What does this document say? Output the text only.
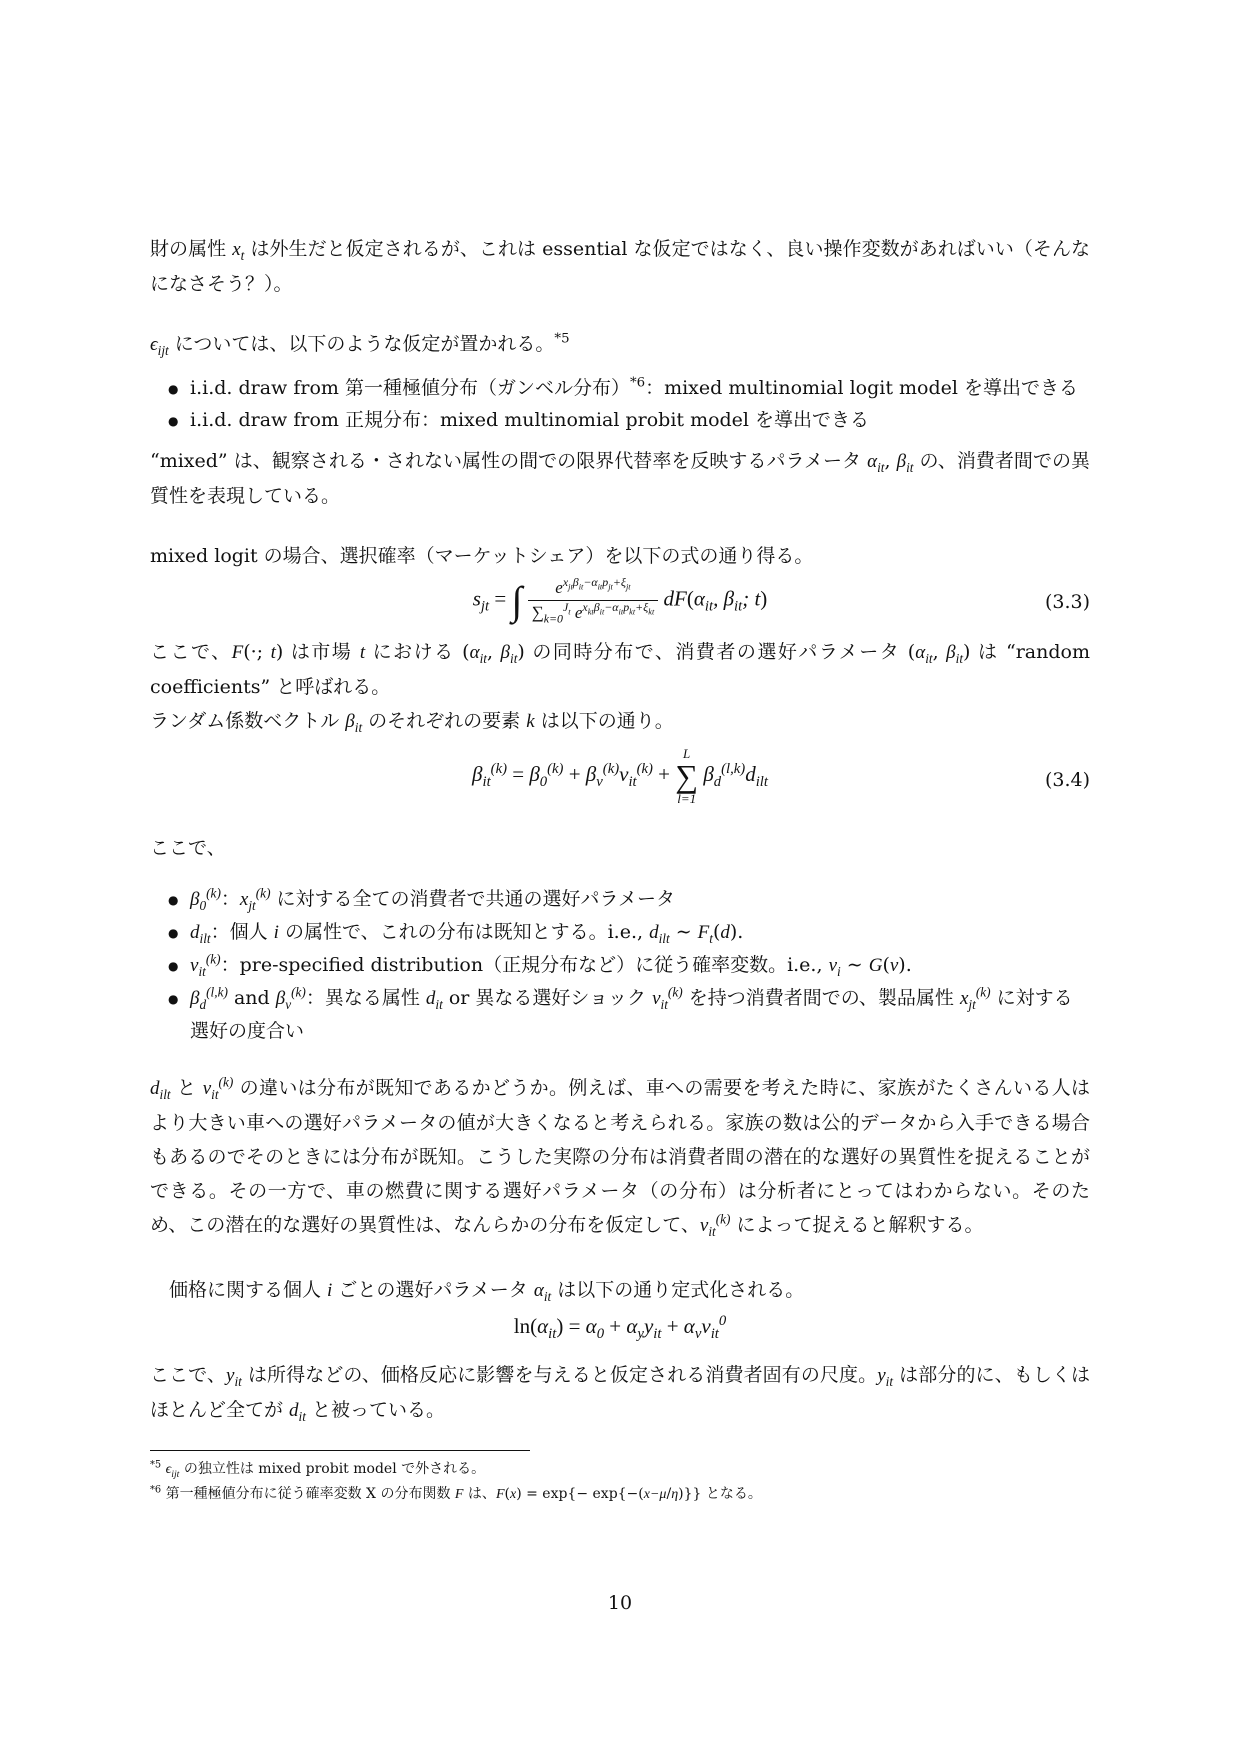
財の属性 $x_t$ は外生だと仮定されるが、これは essential な仮定ではなく、良い操作変数があればいい（そんなになさそう？）。

$\epsilon_{ijt}$ については、以下のような仮定が置かれる。$^{*5}$

● i.i.d. draw from 第一種極値分布（ガンベル分布）$^{*6}$：mixed multinomial logit model を導出できる
● i.i.d. draw from 正規分布：mixed multinomial probit model を導出できる

“mixed” は、観察される・されない属性の間での限界代替率を反映するパラメータ $\alpha_{it}$, $\beta_{it}$ の、消費者間での異質性を表現している。

mixed logit の場合、選択確率（マーケットシェア）を以下の式の通り得る。

$s_{jt}$ = ∫ $\frac{e^{x_{jt}\beta_{it}-\alpha_{it}p_{jt}+\xi_{jt}}}{\sum_{k=0}^{J_t} e^{x_{kt}\beta_{it}-\alpha_{it}p_{kt}+\xi_{kt}}} dF(\alpha_{it}$, $\beta_{it}$; t)	(3.3)

ここで、F(·; t) は市場 t における ($\alpha_{it}$, $\beta_{it}$) の同時分布で、消費者の選好パラメータ ($\alpha_{it}$, $\beta_{it}$) は “random coefficients” と呼ばれる。

ランダム係数ベクトル $\beta_{it}$ のそれぞれの要素 k は以下の通り。

$\beta_{it}^{(k)} = \beta_0^{(k)} + \beta_v^{(k)}v_{it}^{(k)}$ +
L
∑
l=1
$\beta_d^{(l,k)}d_{ilt}$	(3.4)

ここで、

● $\beta_0^{(k)}$：$x_{jt}^{(k)}$ に対する全ての消費者で共通の選好パラメータ
● $d_{ilt}$：個人 i の属性で、これの分布は既知とする。i.e., $d_{ilt}$ ∼ $F_t(d)$.
● $v_{it}^{(k)}$：pre-specified distribution（正規分布など）に従う確率変数。i.e., $v_i$ ∼ G(v).
● $\beta_d^{(l,k)}$ and $\beta_v^{(k)}$：異なる属性 $d_{it}$ or 異なる選好ショック $v_{it}^{(k)}$ を持つ消費者間での、製品属性 $x_{jt}^{(k)}$ に対する選好の度合い

$d_{ilt}$ と $v_{it}^{(k)}$ の違いは分布が既知であるかどうか。例えば、車への需要を考えた時に、家族がたくさんいる人はより大きい車への選好パラメータの値が大きくなると考えられる。家族の数は公的データから入手できる場合もあるのでそのときには分布が既知。こうした実際の分布は消費者間の潜在的な選好の異質性を捉えることができる。その一方で、車の燃費に関する選好パラメータ（の分布）は分析者にとってはわからない。そのため、この潜在的な選好の異質性は、なんらかの分布を仮定して、$v_{it}^{(k)}$ によって捉えると解釈する。

価格に関する個人 i ごとの選好パラメータ $\alpha_{it}$ は以下の通り定式化される。

$\ln(\alpha_{it}) = \alpha_0 + \alpha_yy_{it} + \alpha_vv_{it}^0$

ここで、$y_{it}$ は所得などの、価格反応に影響を与えると仮定される消費者固有の尺度。$y_{it}$ は部分的に、もしくはほとんど全てが $d_{it}$ と被っている。

$^{*5}$ $\epsilon_{ijt}$ の独立性は mixed probit model で外される。
$^{*6}$ 第一種極値分布に従う確率変数 X の分布関数 F は、F(x) = exp{− exp{−(x−μ/η)}} となる。
10
